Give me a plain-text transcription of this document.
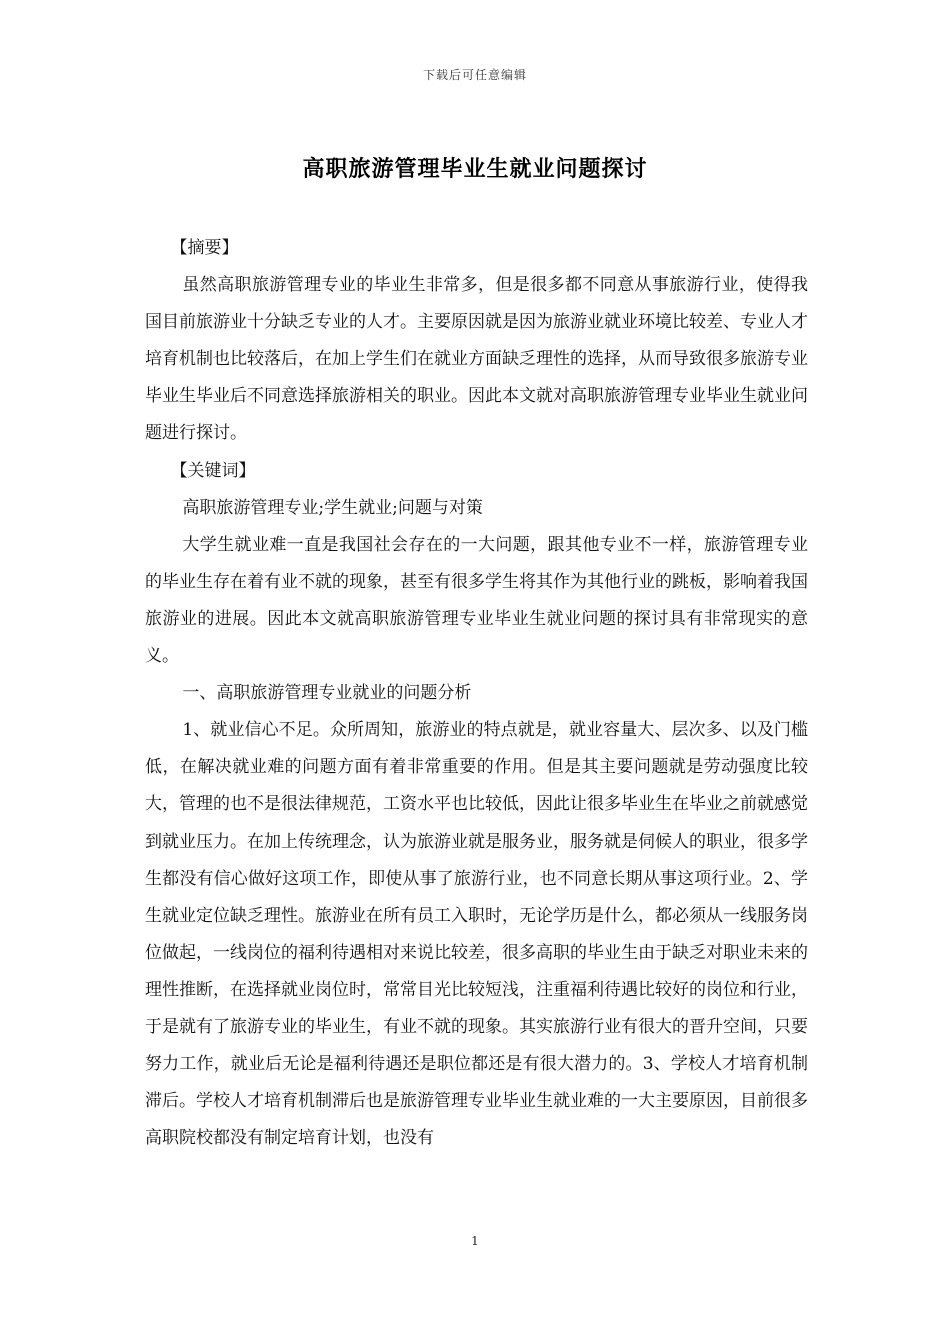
下载后可任意编辑
高职旅游管理毕业生就业问题探讨

【摘要】

虽然高职旅游管理专业的毕业生非常多，但是很多都不同意从事旅游行业，使得我国目前旅游业十分缺乏专业的人才。主要原因就是因为旅游业就业环境比较差、专业人才培育机制也比较落后，在加上学生们在就业方面缺乏理性的选择，从而导致很多旅游专业毕业生毕业后不同意选择旅游相关的职业。因此本文就对高职旅游管理专业毕业生就业问题进行探讨。

【关键词】

高职旅游管理专业;学生就业;问题与对策

大学生就业难一直是我国社会存在的一大问题，跟其他专业不一样，旅游管理专业的毕业生存在着有业不就的现象，甚至有很多学生将其作为其他行业的跳板，影响着我国旅游业的进展。因此本文就高职旅游管理专业毕业生就业问题的探讨具有非常现实的意义。

一、高职旅游管理专业就业的问题分析

1、就业信心不足。众所周知，旅游业的特点就是，就业容量大、层次多、以及门槛低，在解决就业难的问题方面有着非常重要的作用。但是其主要问题就是劳动强度比较大，管理的也不是很法律规范，工资水平也比较低，因此让很多毕业生在毕业之前就感觉到就业压力。在加上传统理念，认为旅游业就是服务业，服务就是伺候人的职业，很多学生都没有信心做好这项工作，即使从事了旅游行业，也不同意长期从事这项行业。2、学生就业定位缺乏理性。旅游业在所有员工入职时，无论学历是什么，都必须从一线服务岗位做起，一线岗位的福利待遇相对来说比较差，很多高职的毕业生由于缺乏对职业未来的理性推断，在选择就业岗位时，常常目光比较短浅，注重福利待遇比较好的岗位和行业，于是就有了旅游专业的毕业生，有业不就的现象。其实旅游行业有很大的晋升空间，只要努力工作，就业后无论是福利待遇还是职位都还是有很大潜力的。3、学校人才培育机制滞后。学校人才培育机制滞后也是旅游管理专业毕业生就业难的一大主要原因，目前很多高职院校都没有制定培育计划，也没有

1
